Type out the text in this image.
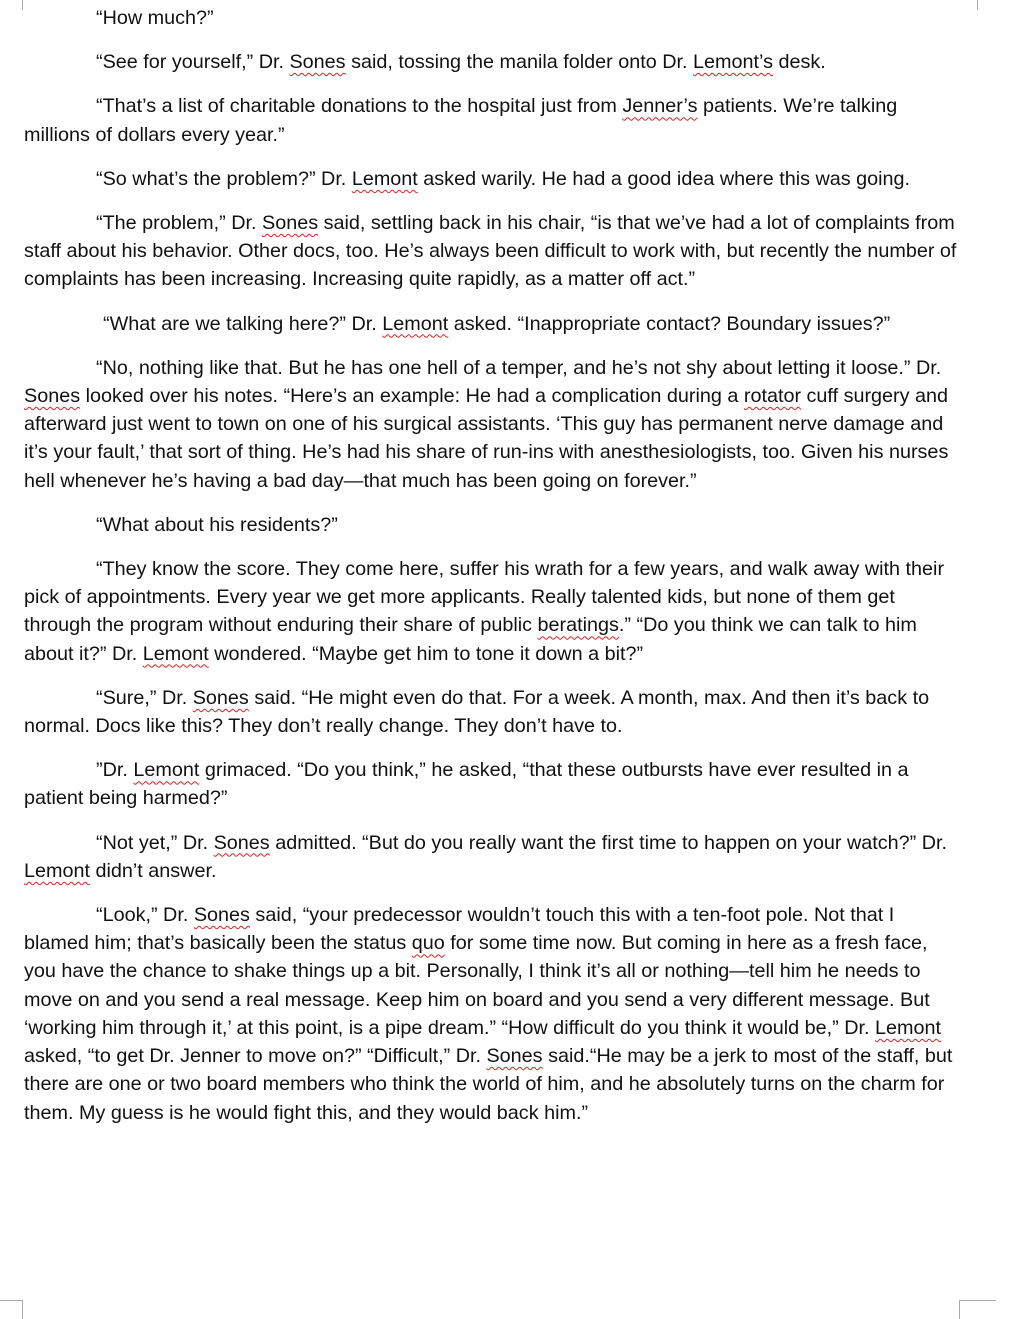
“How much?”

“See for yourself,” Dr. Sones said, tossing the manila folder onto Dr. Lemont’s desk.

“That’s a list of charitable donations to the hospital just from Jenner’s patients. We’re talking millions of dollars every year.”

“So what’s the problem?” Dr. Lemont asked warily. He had a good idea where this was going.

“The problem,” Dr. Sones said, settling back in his chair, “is that we’ve had a lot of complaints from staff about his behavior. Other docs, too. He’s always been difficult to work with, but recently the number of complaints has been increasing. Increasing quite rapidly, as a matter off act.”

“What are we talking here?” Dr. Lemont asked. “Inappropriate contact? Boundary issues?”

“No, nothing like that. But he has one hell of a temper, and he’s not shy about letting it loose.” Dr. Sones looked over his notes. “Here’s an example: He had a complication during a rotator cuff surgery and afterward just went to town on one of his surgical assistants. ‘This guy has permanent nerve damage and it’s your fault,’ that sort of thing. He’s had his share of run-ins with anesthesiologists, too. Given his nurses hell whenever he’s having a bad day—that much has been going on forever.”

“What about his residents?”

“They know the score. They come here, suffer his wrath for a few years, and walk away with their pick of appointments. Every year we get more applicants. Really talented kids, but none of them get through the program without enduring their share of public beratings.” “Do you think we can talk to him about it?” Dr. Lemont wondered. “Maybe get him to tone it down a bit?”

“Sure,” Dr. Sones said. “He might even do that. For a week. A month, max. And then it’s back to normal. Docs like this? They don’t really change. They don’t have to.

”Dr. Lemont grimaced. “Do you think,” he asked, “that these outbursts have ever resulted in a patient being harmed?”

“Not yet,” Dr. Sones admitted. “But do you really want the first time to happen on your watch?” Dr. Lemont didn’t answer.

“Look,” Dr. Sones said, “your predecessor wouldn’t touch this with a ten-foot pole. Not that I blamed him; that’s basically been the status quo for some time now. But coming in here as a fresh face, you have the chance to shake things up a bit. Personally, I think it’s all or nothing—tell him he needs to move on and you send a real message. Keep him on board and you send a very different message. But ‘working him through it,’ at this point, is a pipe dream.” “How difficult do you think it would be,” Dr. Lemont asked, “to get Dr. Jenner to move on?” “Difficult,” Dr. Sones said.“He may be a jerk to most of the staff, but there are one or two board members who think the world of him, and he absolutely turns on the charm for them. My guess is he would fight this, and they would back him.”
